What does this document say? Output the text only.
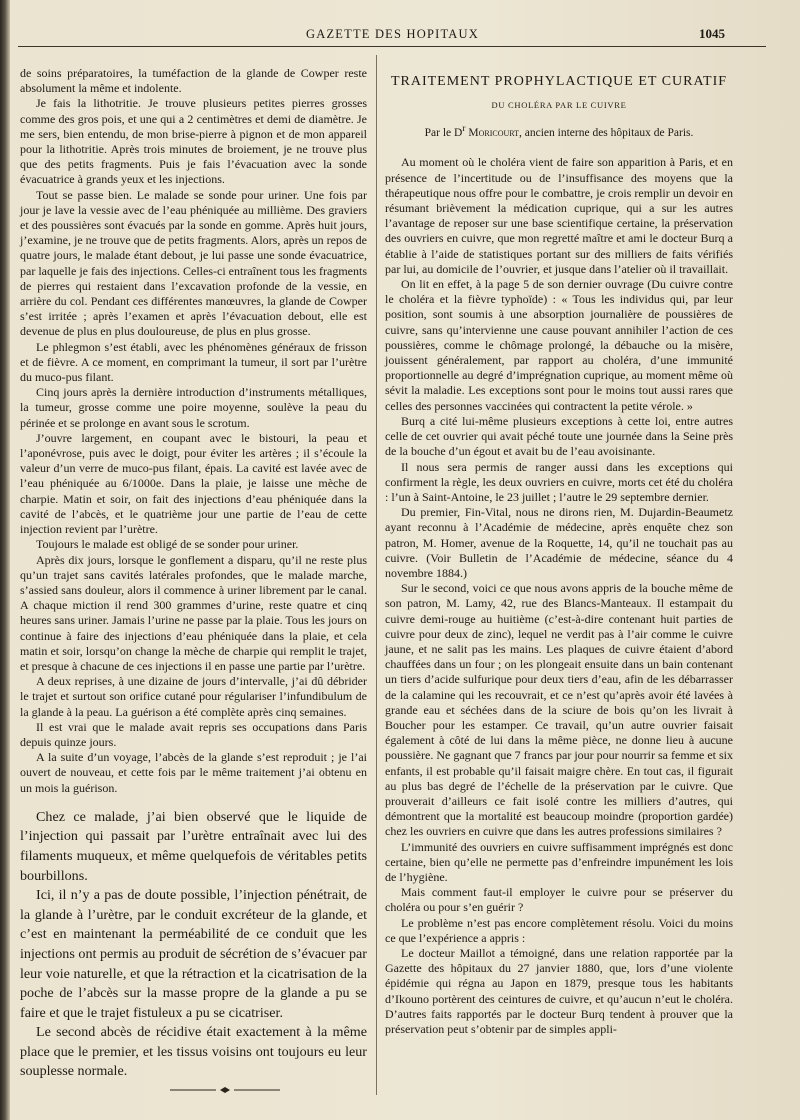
GAZETTE DES HOPITAUX	1045

de soins préparatoires, la tuméfaction de la glande de Cowper reste absolument la même et indolente.

Je fais la lithotritie. Je trouve plusieurs petites pierres grosses comme des gros pois, et une qui a 2 centimètres et demi de diamètre. Je me sers, bien entendu, de mon brise-pierre à pignon et de mon appareil pour la lithotritie. Après trois minutes de broiement, je ne trouve plus que des petits fragments. Puis je fais l’évacuation avec la sonde évacuatrice à grands yeux et les injections.

Tout se passe bien. Le malade se sonde pour uriner. Une fois par jour je lave la vessie avec de l’eau phéniquée au millième. Des graviers et des poussières sont évacués par la sonde en gomme. Après huit jours, j’examine, je ne trouve que de petits fragments. Alors, après un repos de quatre jours, le malade étant debout, je lui passe une sonde évacuatrice, par laquelle je fais des injections. Celles-ci entraînent tous les fragments de pierres qui restaient dans l’excavation profonde de la vessie, en arrière du col. Pendant ces différentes manœuvres, la glande de Cowper s’est irritée ; après l’examen et après l’évacuation debout, elle est devenue de plus en plus douloureuse, de plus en plus grosse.

Le phlegmon s’est établi, avec les phénomènes généraux de frisson et de fièvre. A ce moment, en comprimant la tumeur, il sort par l’urètre du muco-pus filant.

Cinq jours après la dernière introduction d’instruments métalliques, la tumeur, grosse comme une poire moyenne, soulève la peau du périnée et se prolonge en avant sous le scrotum.

J’ouvre largement, en coupant avec le bistouri, la peau et l’aponévrose, puis avec le doigt, pour éviter les artères ; il s’écoule la valeur d’un verre de muco-pus filant, épais. La cavité est lavée avec de l’eau phéniquée au 6/1000e. Dans la plaie, je laisse une mèche de charpie. Matin et soir, on fait des injections d’eau phéniquée dans la cavité de l’abcès, et le quatrième jour une partie de l’eau de cette injection revient par l’urètre.

Toujours le malade est obligé de se sonder pour uriner.

Après dix jours, lorsque le gonflement a disparu, qu’il ne reste plus qu’un trajet sans cavités latérales profondes, que le malade marche, s’assied sans douleur, alors il commence à uriner librement par le canal. A chaque miction il rend 300 grammes d’urine, reste quatre et cinq heures sans uriner. Jamais l’urine ne passe par la plaie. Tous les jours on continue à faire des injections d’eau phéniquée dans la plaie, et cela matin et soir, lorsqu’on change la mèche de charpie qui remplit le trajet, et presque à chacune de ces injections il en passe une partie par l’urètre.

A deux reprises, à une dizaine de jours d’intervalle, j’ai dû débrider le trajet et surtout son orifice cutané pour régulariser l’infundibulum de la glande à la peau. La guérison a été complète après cinq semaines.

Il est vrai que le malade avait repris ses occupations dans Paris depuis quinze jours.

A la suite d’un voyage, l’abcès de la glande s’est reproduit ; je l’ai ouvert de nouveau, et cette fois par le même traitement j’ai obtenu en un mois la guérison.

Chez ce malade, j’ai bien observé que le liquide de l’injection qui passait par l’urètre entraînait avec lui des filaments muqueux, et même quelquefois de véritables petits bourbillons.

Ici, il n’y a pas de doute possible, l’injection pénétrait, de la glande à l’urètre, par le conduit excréteur de la glande, et c’est en maintenant la perméabilité de ce conduit que les injections ont permis au produit de sécrétion de s’évacuer par leur voie naturelle, et que la rétraction et la cicatrisation de la poche de l’abcès sur la masse propre de la glande a pu se faire et que le trajet fistuleux a pu se cicatriser.

Le second abcès de récidive était exactement à la même place que le premier, et les tissus voisins ont toujours eu leur souplesse normale.

TRAITEMENT PROPHYLACTIQUE ET CURATIF
DU CHOLÉRA PAR LE CUIVRE
Par le $D^r$ Moricourt, ancien interne des hôpitaux de Paris.

Au moment où le choléra vient de faire son apparition à Paris, et en présence de l’incertitude ou de l’insuffisance des moyens que la thérapeutique nous offre pour le combattre, je crois remplir un devoir en résumant brièvement la médication cuprique, qui a sur les autres l’avantage de reposer sur une base scientifique certaine, la préservation des ouvriers en cuivre, que mon regretté maître et ami le docteur Burq a établie à l’aide de statistiques portant sur des milliers de faits vérifiés par lui, au domicile de l’ouvrier, et jusque dans l’atelier où il travaillait.

On lit en effet, à la page 5 de son dernier ouvrage (Du cuivre contre le choléra et la fièvre typhoïde) : « Tous les individus qui, par leur position, sont soumis à une absorption journalière de poussières de cuivre, sans qu’intervienne une cause pouvant annihiler l’action de ces poussières, comme le chômage prolongé, la débauche ou la misère, jouissent généralement, par rapport au choléra, d’une immunité proportionnelle au degré d’imprégnation cuprique, au moment même où sévit la maladie. Les exceptions sont pour le moins tout aussi rares que celles des personnes vaccinées qui contractent la petite vérole. »

Burq a cité lui-même plusieurs exceptions à cette loi, entre autres celle de cet ouvrier qui avait péché toute une journée dans la Seine près de la bouche d’un égout et avait bu de l’eau avoisinante.

Il nous sera permis de ranger aussi dans les exceptions qui confirment la règle, les deux ouvriers en cuivre, morts cet été du choléra : l’un à Saint-Antoine, le 23 juillet ; l’autre le 29 septembre dernier.

Du premier, Fin-Vital, nous ne dirons rien, M. Dujardin-Beaumetz ayant reconnu à l’Académie de médecine, après enquête chez son patron, M. Homer, avenue de la Roquette, 14, qu’il ne touchait pas au cuivre. (Voir Bulletin de l’Académie de médecine, séance du 4 novembre 1884.)

Sur le second, voici ce que nous avons appris de la bouche même de son patron, M. Lamy, 42, rue des Blancs-Manteaux. Il estampait du cuivre demi-rouge au huitième (c’est-à-dire contenant huit parties de cuivre pour deux de zinc), lequel ne verdit pas à l’air comme le cuivre jaune, et ne salit pas les mains. Les plaques de cuivre étaient d’abord chauffées dans un four ; on les plongeait ensuite dans un bain contenant un tiers d’acide sulfurique pour deux tiers d’eau, afin de les débarrasser de la calamine qui les recouvrait, et ce n’est qu’après avoir été lavées à grande eau et séchées dans de la sciure de bois qu’on les livrait à Boucher pour les estamper. Ce travail, qu’un autre ouvrier faisait également à côté de lui dans la même pièce, ne donne lieu à aucune poussière. Ne gagnant que 7 francs par jour pour nourrir sa femme et six enfants, il est probable qu’il faisait maigre chère. En tout cas, il figurait au plus bas degré de l’échelle de la préservation par le cuivre. Que prouverait d’ailleurs ce fait isolé contre les milliers d’autres, qui démontrent que la mortalité est beaucoup moindre (proportion gardée) chez les ouvriers en cuivre que dans les autres professions similaires ?

L’immunité des ouvriers en cuivre suffisamment imprégnés est donc certaine, bien qu’elle ne permette pas d’enfreindre impunément les lois de l’hygiène.

Mais comment faut-il employer le cuivre pour se préserver du choléra ou pour s’en guérir ?

Le problème n’est pas encore complètement résolu. Voici du moins ce que l’expérience a appris :

Le docteur Maillot a témoigné, dans une relation rapportée par la Gazette des hôpitaux du 27 janvier 1880, que, lors d’une violente épidémie qui régna au Japon en 1879, presque tous les habitants d’Ikouno portèrent des ceintures de cuivre, et qu’aucun n’eut le choléra. D’autres faits rapportés par le docteur Burq tendent à prouver que la préservation peut s’obtenir par de simples appli-
